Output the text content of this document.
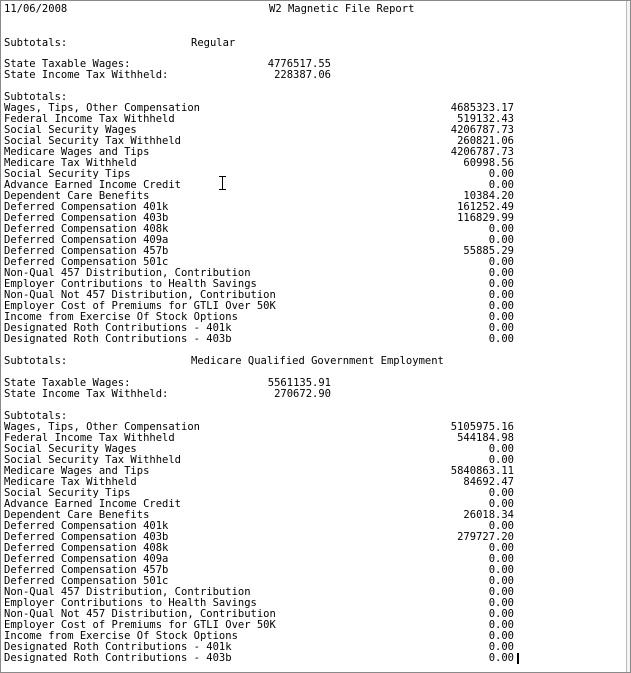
11/06/2008	W2 Magnetic File Report
Subtotals:	Regular
State Taxable Wages:	4776517.55
State Income Tax Withheld:	228387.06
Subtotals:
Wages, Tips, Other Compensation	4685323.17
Federal Income Tax Withheld	519132.43
Social Security Wages	4206787.73
Social Security Tax Withheld	260821.06
Medicare Wages and Tips	4206787.73
Medicare Tax Withheld	60998.56
Social Security Tips	0.00
Advance Earned Income Credit	0.00
Dependent Care Benefits	10384.20
Deferred Compensation 401k	161252.49
Deferred Compensation 403b	116829.99
Deferred Compensation 408k	0.00
Deferred Compensation 409a	0.00
Deferred Compensation 457b	55885.29
Deferred Compensation 501c	0.00
Non-Qual 457 Distribution, Contribution	0.00
Employer Contributions to Health Savings	0.00
Non-Qual Not 457 Distribution, Contribution	0.00
Employer Cost of Premiums for GTLI Over 50K	0.00
Income from Exercise Of Stock Options	0.00
Designated Roth Contributions - 401k	0.00
Designated Roth Contributions - 403b	0.00
Subtotals:	Medicare Qualified Government Employment
State Taxable Wages:	5561135.91
State Income Tax Withheld:	270672.90
Subtotals:
Wages, Tips, Other Compensation	5105975.16
Federal Income Tax Withheld	544184.98
Social Security Wages	0.00
Social Security Tax Withheld	0.00
Medicare Wages and Tips	5840863.11
Medicare Tax Withheld	84692.47
Social Security Tips	0.00
Advance Earned Income Credit	0.00
Dependent Care Benefits	26018.34
Deferred Compensation 401k	0.00
Deferred Compensation 403b	279727.20
Deferred Compensation 408k	0.00
Deferred Compensation 409a	0.00
Deferred Compensation 457b	0.00
Deferred Compensation 501c	0.00
Non-Qual 457 Distribution, Contribution	0.00
Employer Contributions to Health Savings	0.00
Non-Qual Not 457 Distribution, Contribution	0.00
Employer Cost of Premiums for GTLI Over 50K	0.00
Income from Exercise Of Stock Options	0.00
Designated Roth Contributions - 401k	0.00
Designated Roth Contributions - 403b	0.00
